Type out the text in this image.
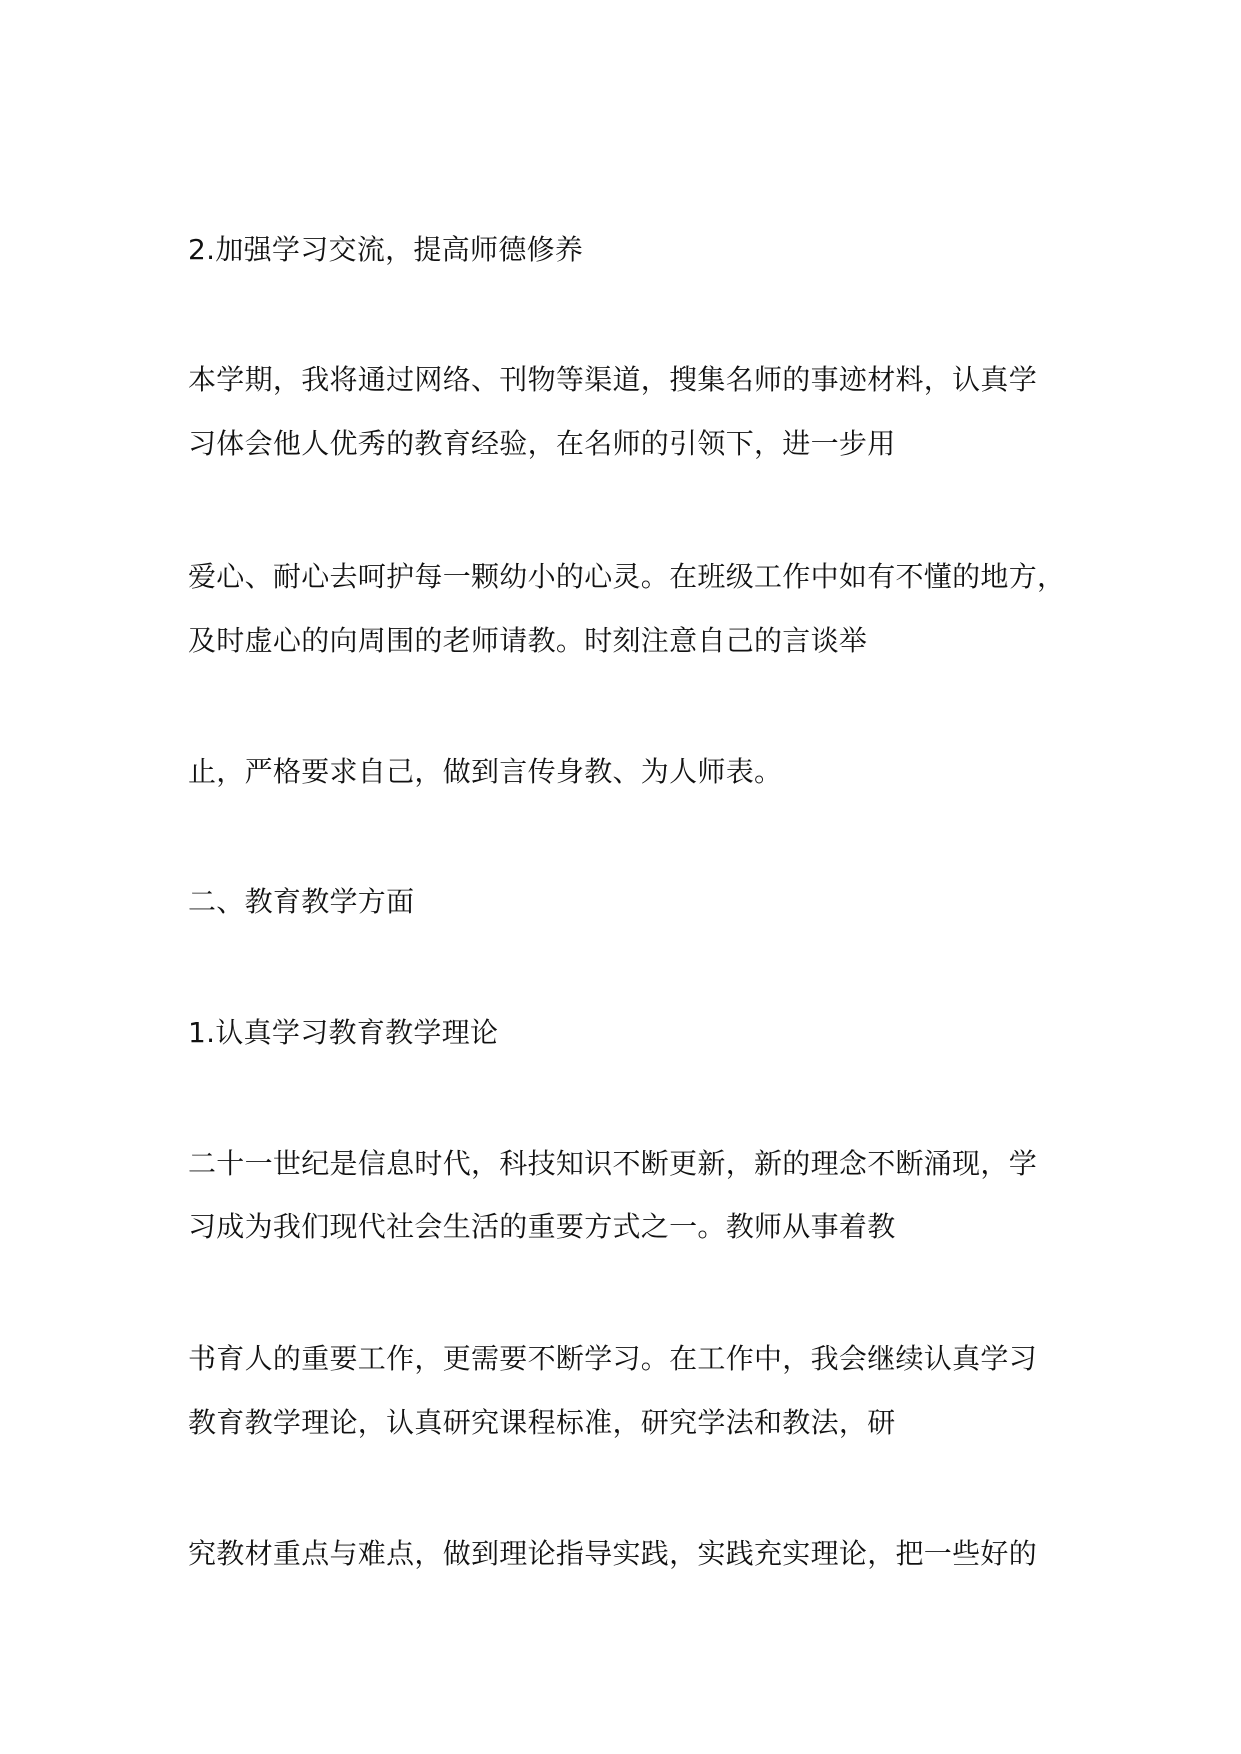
2.加强学习交流，提高师德修养
本学期，我将通过网络、刊物等渠道，搜集名师的事迹材料，认真学
习体会他人优秀的教育经验，在名师的引领下，进一步用
爱心、耐心去呵护每一颗幼小的心灵。在班级工作中如有不懂的地方，
及时虚心的向周围的老师请教。时刻注意自己的言谈举
止，严格要求自己，做到言传身教、为人师表。
二、教育教学方面
1.认真学习教育教学理论
二十一世纪是信息时代，科技知识不断更新，新的理念不断涌现，学
习成为我们现代社会生活的重要方式之一。教师从事着教
书育人的重要工作，更需要不断学习。在工作中，我会继续认真学习
教育教学理论，认真研究课程标准，研究学法和教法，研
究教材重点与难点，做到理论指导实践，实践充实理论，把一些好的
